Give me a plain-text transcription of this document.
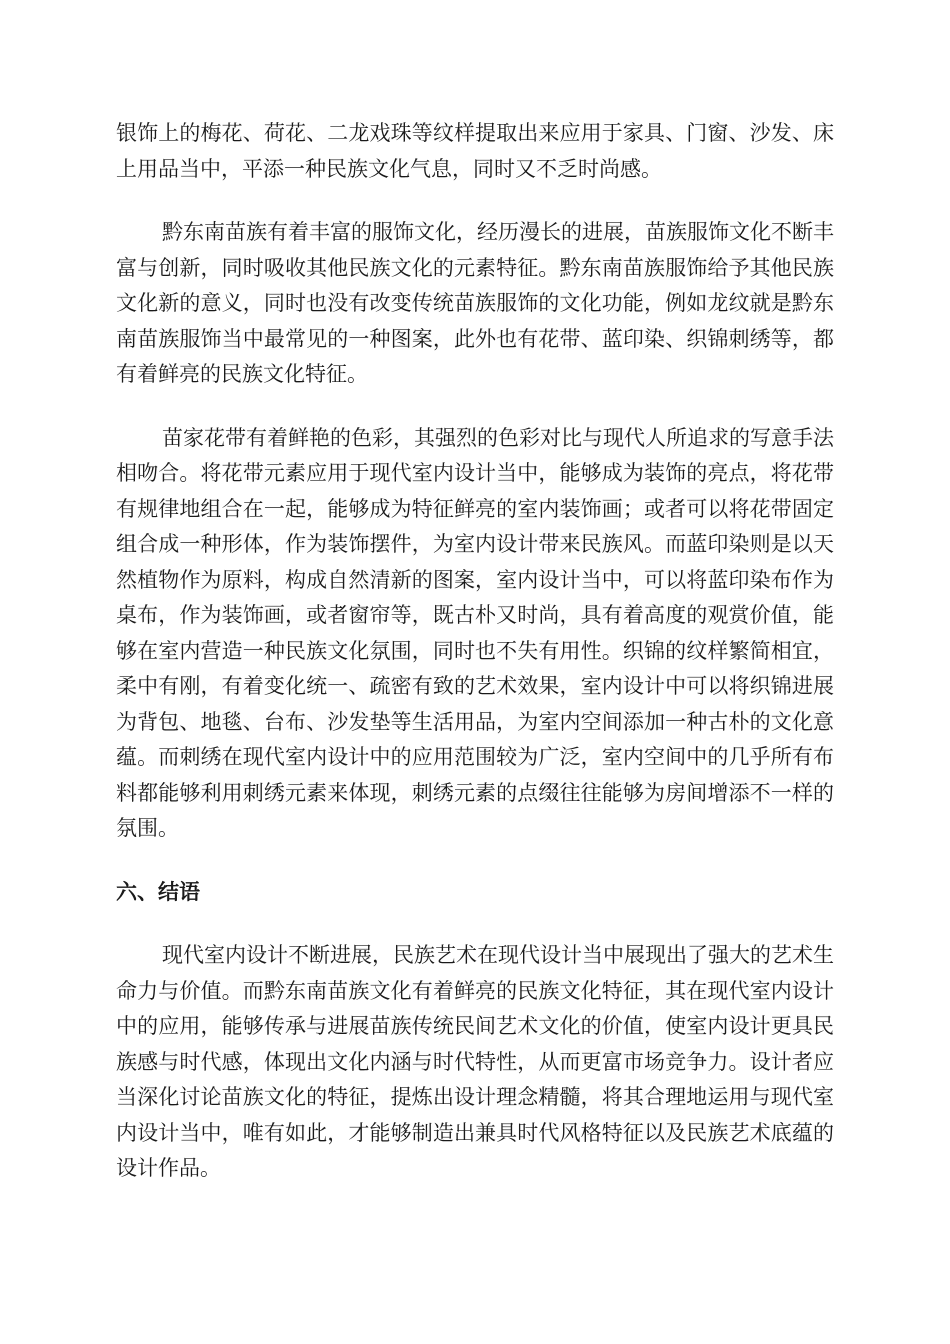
银饰上的梅花、荷花、二龙戏珠等纹样提取出来应用于家具、门窗、沙发、床上用品当中，平添一种民族文化气息，同时又不乏时尚感。

黔东南苗族有着丰富的服饰文化，经历漫长的进展，苗族服饰文化不断丰富与创新，同时吸收其他民族文化的元素特征。黔东南苗族服饰给予其他民族文化新的意义，同时也没有改变传统苗族服饰的文化功能，例如龙纹就是黔东南苗族服饰当中最常见的一种图案，此外也有花带、蓝印染、织锦刺绣等，都有着鲜亮的民族文化特征。

苗家花带有着鲜艳的色彩，其强烈的色彩对比与现代人所追求的写意手法相吻合。将花带元素应用于现代室内设计当中，能够成为装饰的亮点，将花带有规律地组合在一起，能够成为特征鲜亮的室内装饰画；或者可以将花带固定组合成一种形体，作为装饰摆件，为室内设计带来民族风。而蓝印染则是以天然植物作为原料，构成自然清新的图案，室内设计当中，可以将蓝印染布作为桌布，作为装饰画，或者窗帘等，既古朴又时尚，具有着高度的观赏价值，能够在室内营造一种民族文化氛围，同时也不失有用性。织锦的纹样繁简相宜，柔中有刚，有着变化统一、疏密有致的艺术效果，室内设计中可以将织锦进展为背包、地毯、台布、沙发垫等生活用品，为室内空间添加一种古朴的文化意蕴。而刺绣在现代室内设计中的应用范围较为广泛，室内空间中的几乎所有布料都能够利用刺绣元素来体现，刺绣元素的点缀往往能够为房间增添不一样的氛围。

六、结语

现代室内设计不断进展，民族艺术在现代设计当中展现出了强大的艺术生命力与价值。而黔东南苗族文化有着鲜亮的民族文化特征，其在现代室内设计中的应用，能够传承与进展苗族传统民间艺术文化的价值，使室内设计更具民族感与时代感，体现出文化内涵与时代特性，从而更富市场竞争力。设计者应当深化讨论苗族文化的特征，提炼出设计理念精髓，将其合理地运用与现代室内设计当中，唯有如此，才能够制造出兼具时代风格特征以及民族艺术底蕴的设计作品。
